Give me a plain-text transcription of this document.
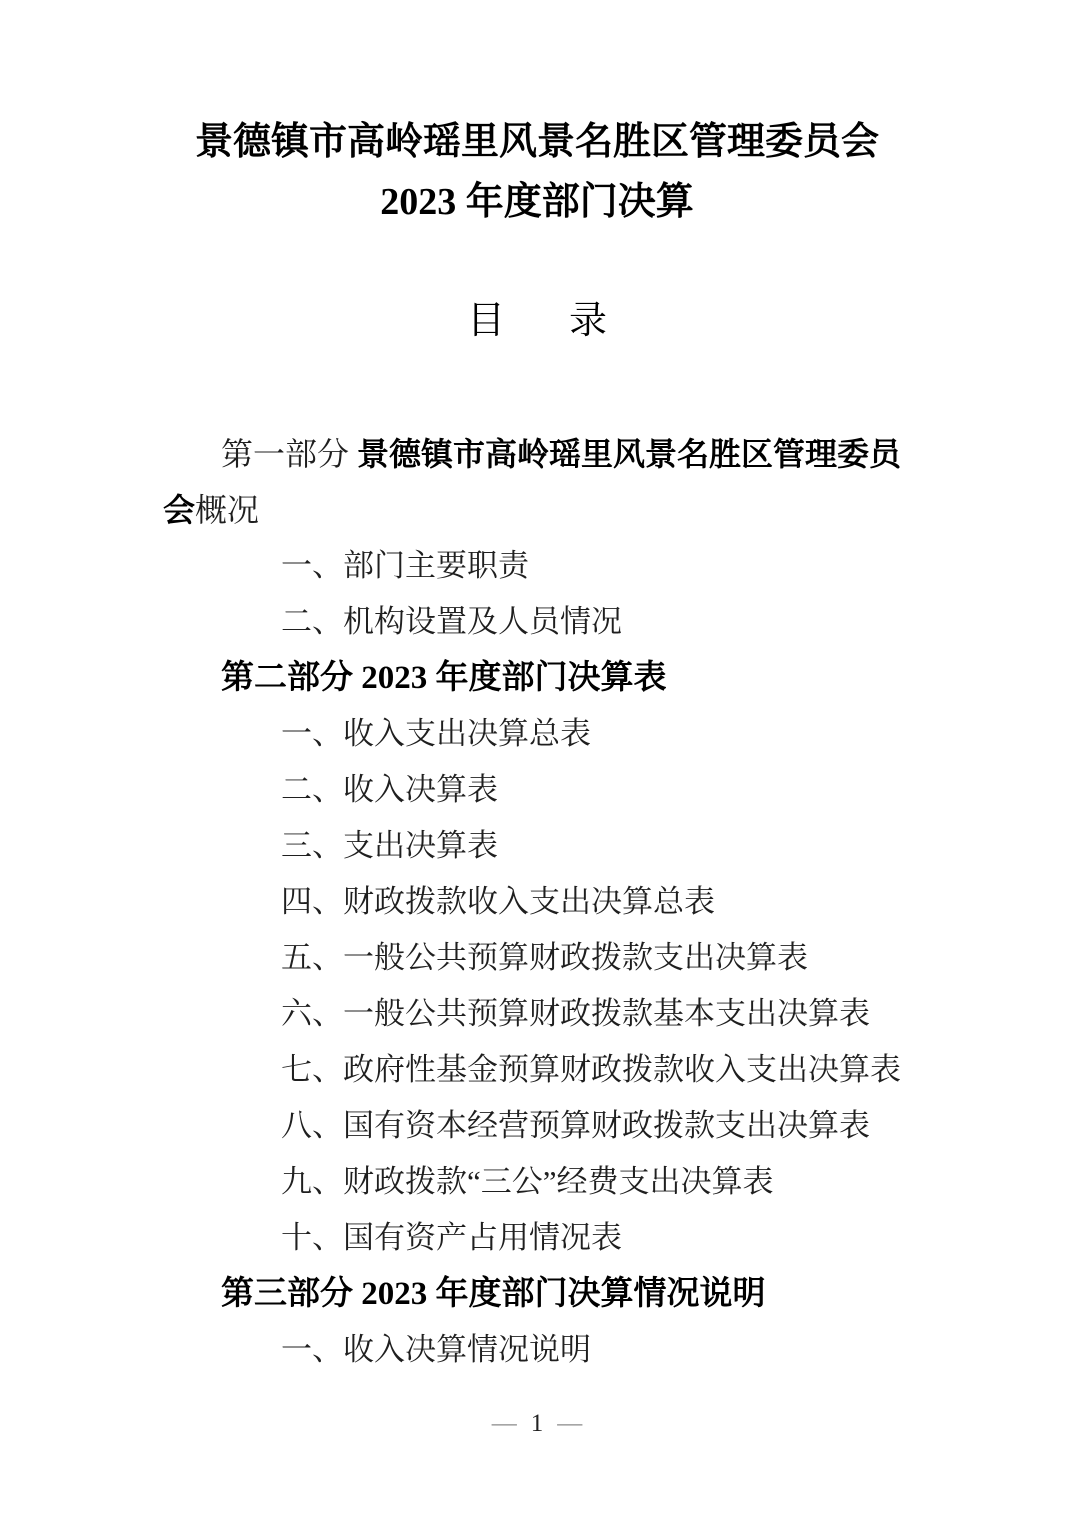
景德镇市高岭瑶里风景名胜区管理委员会
2023 年度部门决算
目 录

第一部分 景德镇市高岭瑶里风景名胜区管理委员会概况

一、部门主要职责

二、机构设置及人员情况

第二部分 2023 年度部门决算表

一、收入支出决算总表

二、收入决算表

三、支出决算表

四、财政拨款收入支出决算总表

五、一般公共预算财政拨款支出决算表

六、一般公共预算财政拨款基本支出决算表

七、政府性基金预算财政拨款收入支出决算表

八、国有资本经营预算财政拨款支出决算表

九、财政拨款“三公”经费支出决算表

十、国有资产占用情况表

第三部分 2023 年度部门决算情况说明

一、收入决算情况说明

— 1 —
